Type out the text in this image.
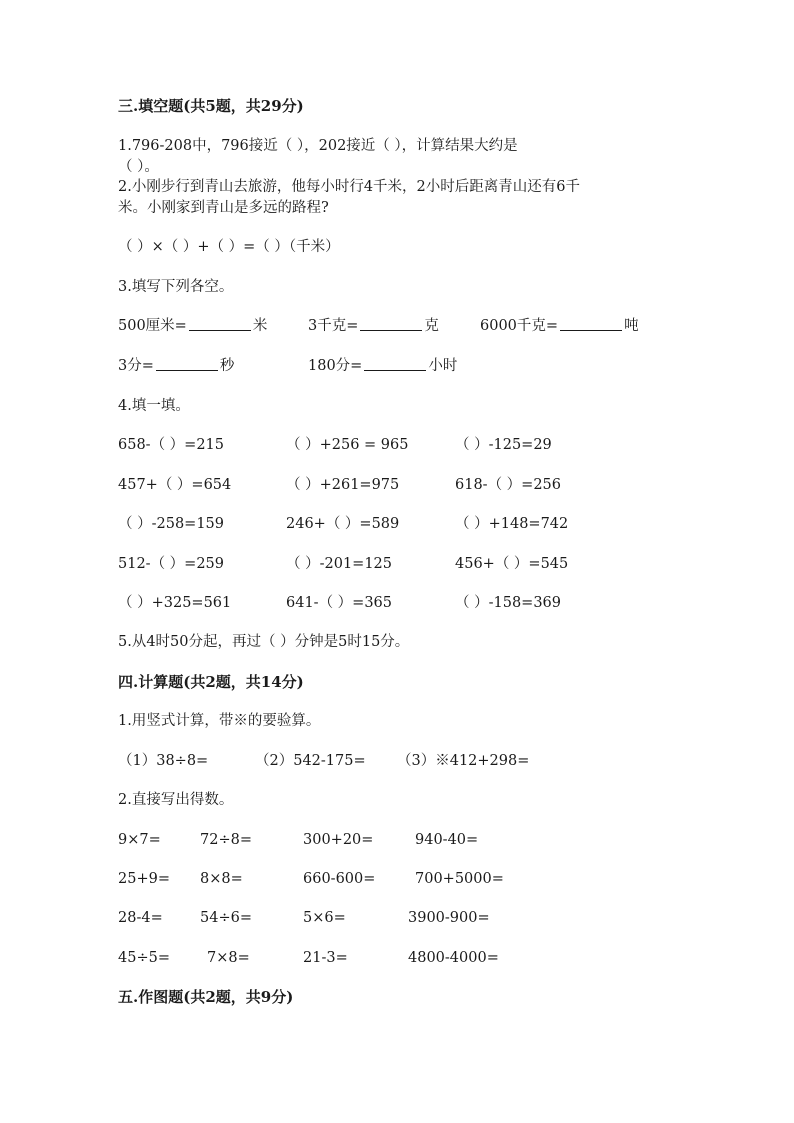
三.填空题(共5题，共29分)
1.796-208中，796接近（ ），202接近（ ），计算结果大约是
（ ）。
2.小刚步行到青山去旅游，他每小时行4千米，2小时后距离青山还有6千
米。小刚家到青山是多远的路程?
（ ）×（ ）+（ ）=（ ）（千米）
3.填写下列各空。
500厘米=	米	3千克=	克	6000千克=	吨
3分=	秒	180分=	小时
4.填一填。
658-（ ）=215	（ ）+256 = 965	（ ）-125=29
457+（ ）=654	（ ）+261=975	618-（ ）=256
（ ）-258=159	246+（ ）=589	（ ）+148=742
512-（ ）=259	（ ）-201=125	456+（ ）=545
（ ）+325=561	641-（ ）=365	（ ）-158=369
5.从4时50分起，再过（ ）分钟是5时15分。
四.计算题(共2题，共14分)
1.用竖式计算，带※的要验算。
（1）38÷8=	（2）542-175= （3）※412+298=
2.直接写出得数。
9×7=	72÷8=	300+20=	940-40=
25+9= 8×8=	660-600=	700+5000=
28-4=	54÷6=	5×6=	3900-900=
45÷5=	7×8=	21-3=	4800-4000=
五.作图题(共2题，共9分)
